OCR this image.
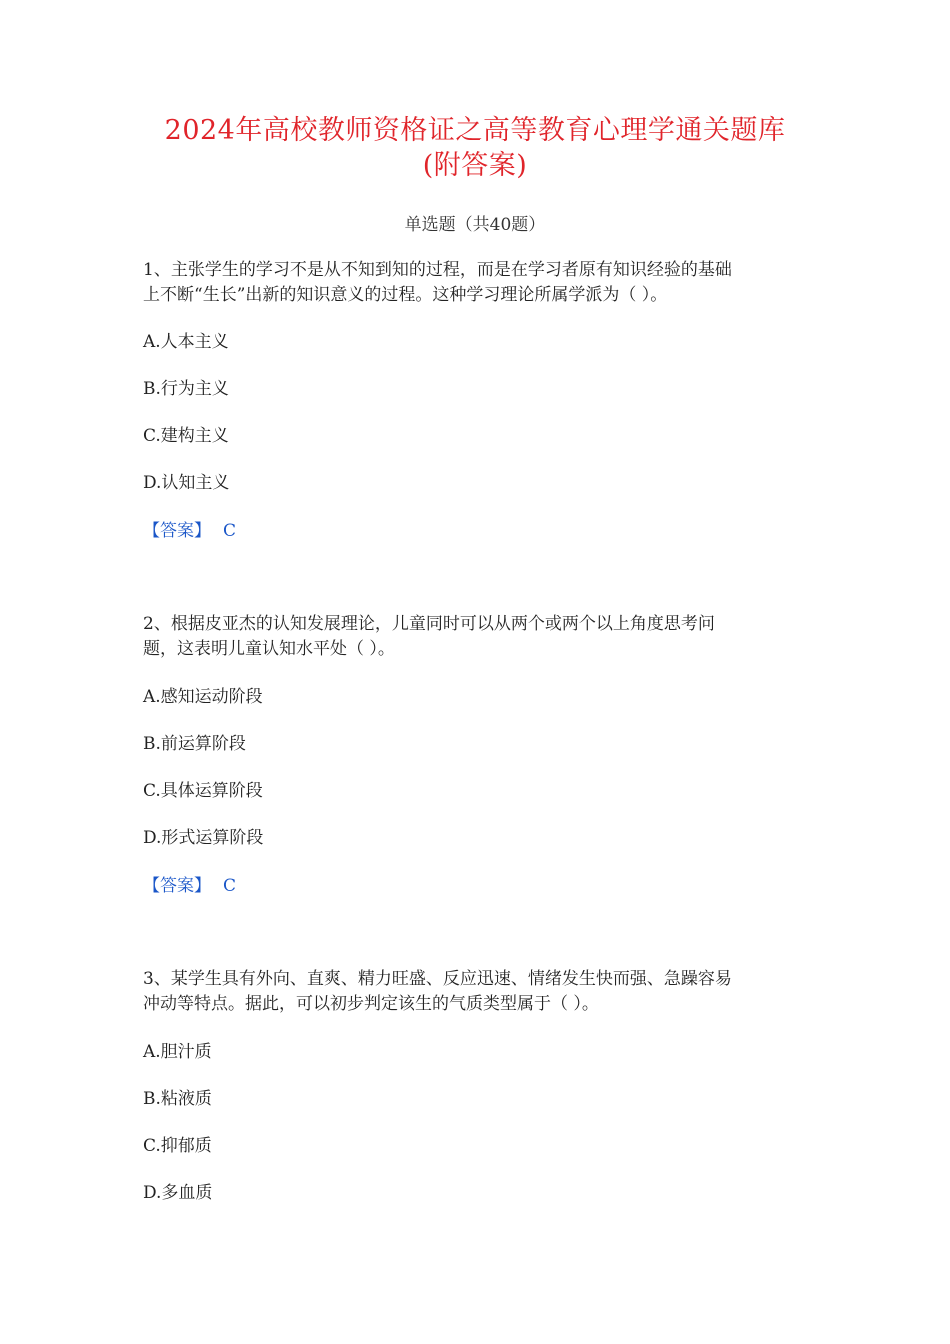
2024年高校教师资格证之高等教育心理学通关题库
(附答案)
单选题（共40题）

1、主张学生的学习不是从不知到知的过程，而是在学习者原有知识经验的基础

上不断“生长”出新的知识意义的过程。这种学习理论所属学派为（ ）。

A.人本主义
B.行为主义
C.建构主义
D.认知主义
【答案】 C

2、根据皮亚杰的认知发展理论，儿童同时可以从两个或两个以上角度思考问

题，这表明儿童认知水平处（ ）。

A.感知运动阶段
B.前运算阶段
C.具体运算阶段
D.形式运算阶段
【答案】 C

3、某学生具有外向、直爽、精力旺盛、反应迅速、情绪发生快而强、急躁容易

冲动等特点。据此，可以初步判定该生的气质类型属于（ ）。

A.胆汁质
B.粘液质
C.抑郁质
D.多血质
